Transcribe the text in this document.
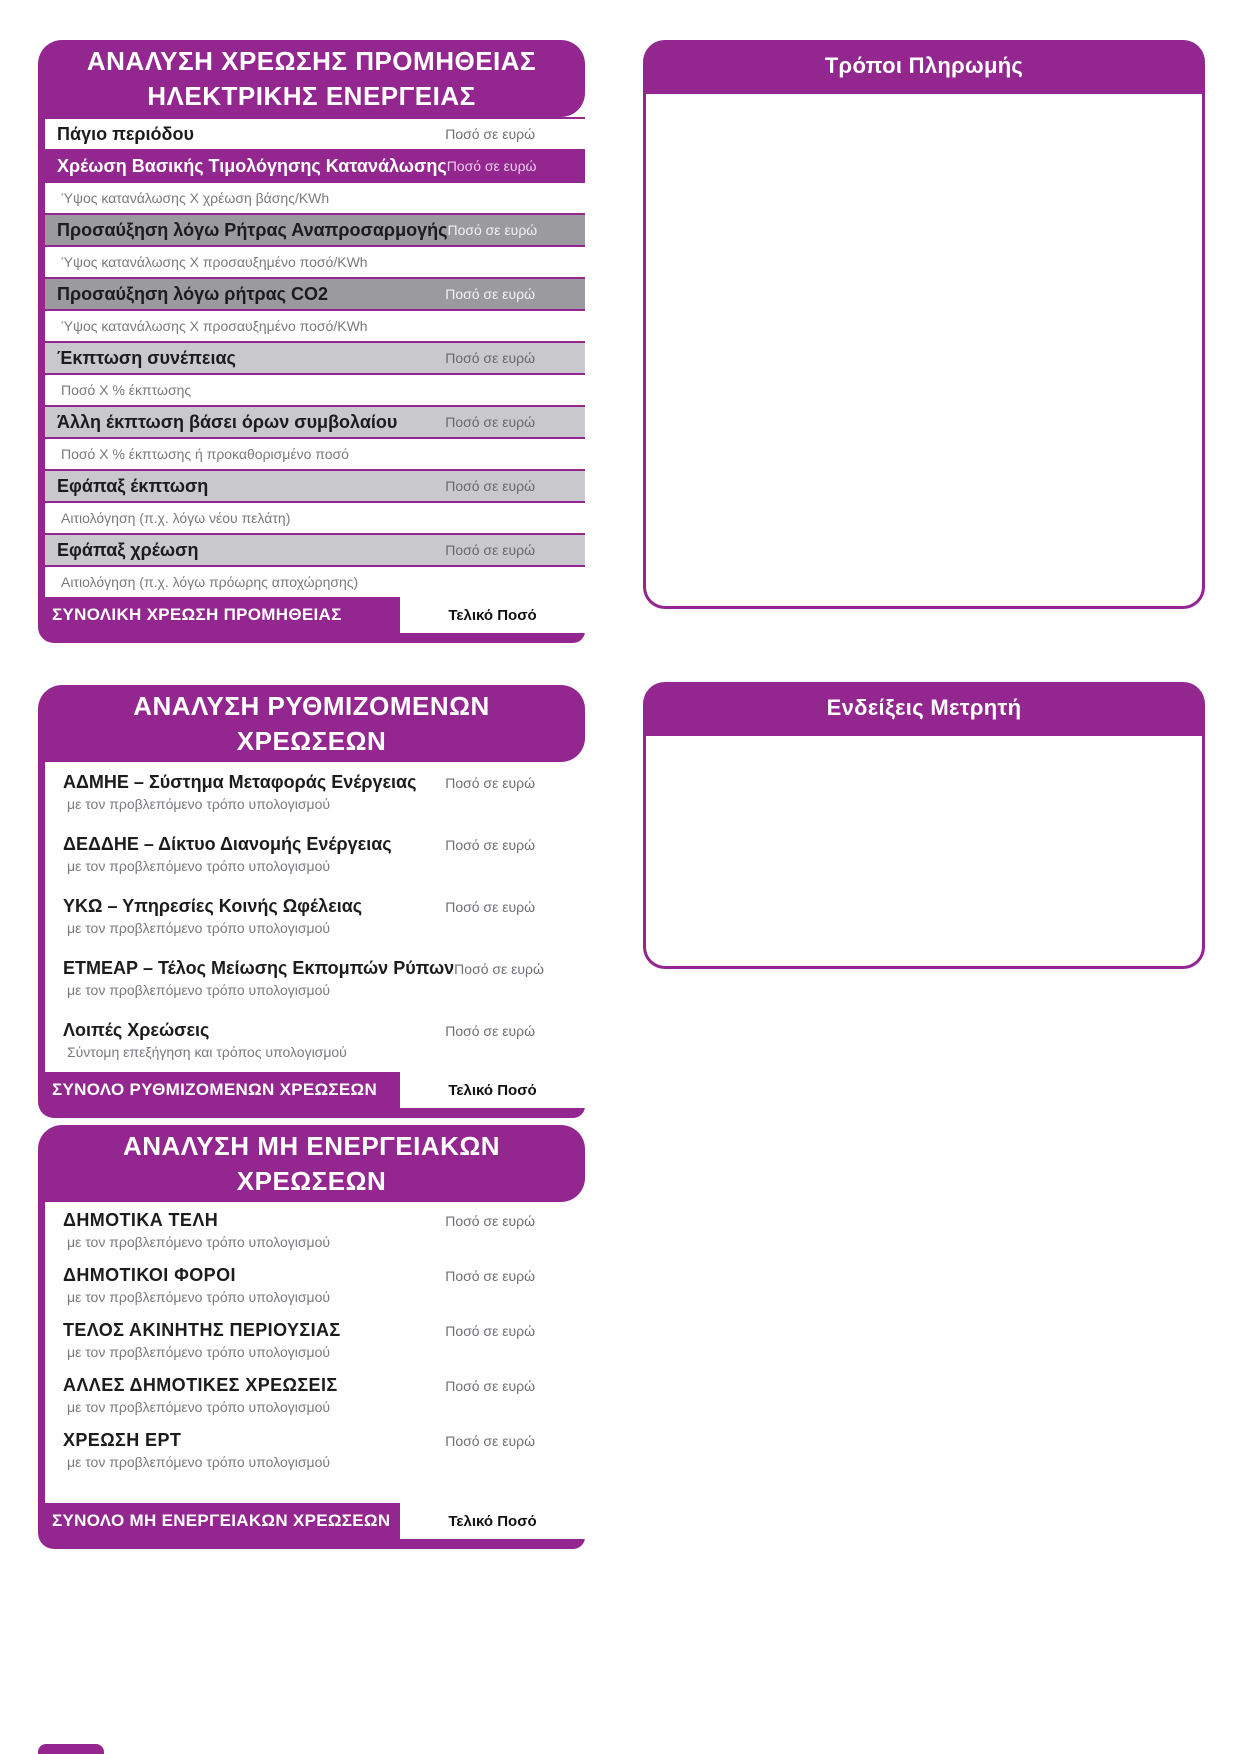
ΑΝΑΛΥΣΗ ΧΡΕΩΣΗΣ ΠΡΟΜΗΘΕΙΑΣ
ΗΛΕΚΤΡΙΚΗΣ ΕΝΕΡΓΕΙΑΣ
Πάγιο περιόδου	Ποσό σε ευρώ
Χρέωση Βασικής Τιμολόγησης Κατανάλωσης Ποσό σε ευρώ
Ύψος κατανάλωσης Χ χρέωση βάσης/KWh
Προσαύξηση λόγω Ρήτρας Αναπροσαρμογής Ποσό σε ευρώ
Ύψος κατανάλωσης Χ προσαυξημένο ποσό/KWh
Προσαύξηση λόγω ρήτρας CO2	Ποσό σε ευρώ
Ύψος κατανάλωσης Χ προσαυξημένο ποσό/KWh
Έκπτωση συνέπειας	Ποσό σε ευρώ
Ποσό Χ % έκπτωσης
Άλλη έκπτωση βάσει όρων συμβολαίου	Ποσό σε ευρώ
Ποσό Χ % έκπτωσης ή προκαθορισμένο ποσό
Εφάπαξ έκπτωση	Ποσό σε ευρώ
Αιτιολόγηση (π.χ. λόγω νέου πελάτη)
Εφάπαξ χρέωση	Ποσό σε ευρώ
Αιτιολόγηση (π.χ. λόγω πρόωρης αποχώρησης)
ΣΥΝΟΛΙΚΗ ΧΡΕΩΣΗ ΠΡΟΜΗΘΕΙΑΣ	Τελικό Ποσό
ΑΝΑΛΥΣΗ ΡΥΘΜΙΖΟΜΕΝΩΝ
ΧΡΕΩΣΕΩΝ
ΑΔΜΗΕ – Σύστημα Μεταφοράς Ενέργειας Ποσό σε ευρώ
με τον προβλεπόμενο τρόπο υπολογισμού
ΔΕΔΔΗΕ – Δίκτυο Διανομής Ενέργειας	Ποσό σε ευρώ
με τον προβλεπόμενο τρόπο υπολογισμού
ΥΚΩ – Υπηρεσίες Κοινής Ωφέλειας	Ποσό σε ευρώ
με τον προβλεπόμενο τρόπο υπολογισμού
ΕΤΜΕΑΡ – Τέλος Μείωσης Εκπομπών Ρύπων Ποσό σε ευρώ
με τον προβλεπόμενο τρόπο υπολογισμού
Λοιπές Χρεώσεις	Ποσό σε ευρώ
Σύντομη επεξήγηση και τρόπος υπολογισμού
ΣΥΝΟΛΟ ΡΥΘΜΙΖΟΜΕΝΩΝ ΧΡΕΩΣΕΩΝ	Τελικό Ποσό
ΑΝΑΛΥΣΗ ΜΗ ΕΝΕΡΓΕΙΑΚΩΝ
ΧΡΕΩΣΕΩΝ
ΔΗΜΟΤΙΚΑ ΤΕΛΗ	Ποσό σε ευρώ
με τον προβλεπόμενο τρόπο υπολογισμού
ΔΗΜΟΤΙΚΟΙ ΦΟΡΟΙ	Ποσό σε ευρώ
με τον προβλεπόμενο τρόπο υπολογισμού
ΤΕΛΟΣ ΑΚΙΝΗΤΗΣ ΠΕΡΙΟΥΣΙΑΣ	Ποσό σε ευρώ
με τον προβλεπόμενο τρόπο υπολογισμού
ΑΛΛΕΣ ΔΗΜΟΤΙΚΕΣ ΧΡΕΩΣΕΙΣ	Ποσό σε ευρώ
με τον προβλεπόμενο τρόπο υπολογισμού
ΧΡΕΩΣΗ ΕΡΤ	Ποσό σε ευρώ
με τον προβλεπόμενο τρόπο υπολογισμού
ΣΥΝΟΛΟ ΜΗ ΕΝΕΡΓΕΙΑΚΩΝ ΧΡΕΩΣΕΩΝ	Τελικό Ποσό
Τρόποι Πληρωμής
Ενδείξεις Μετρητή
